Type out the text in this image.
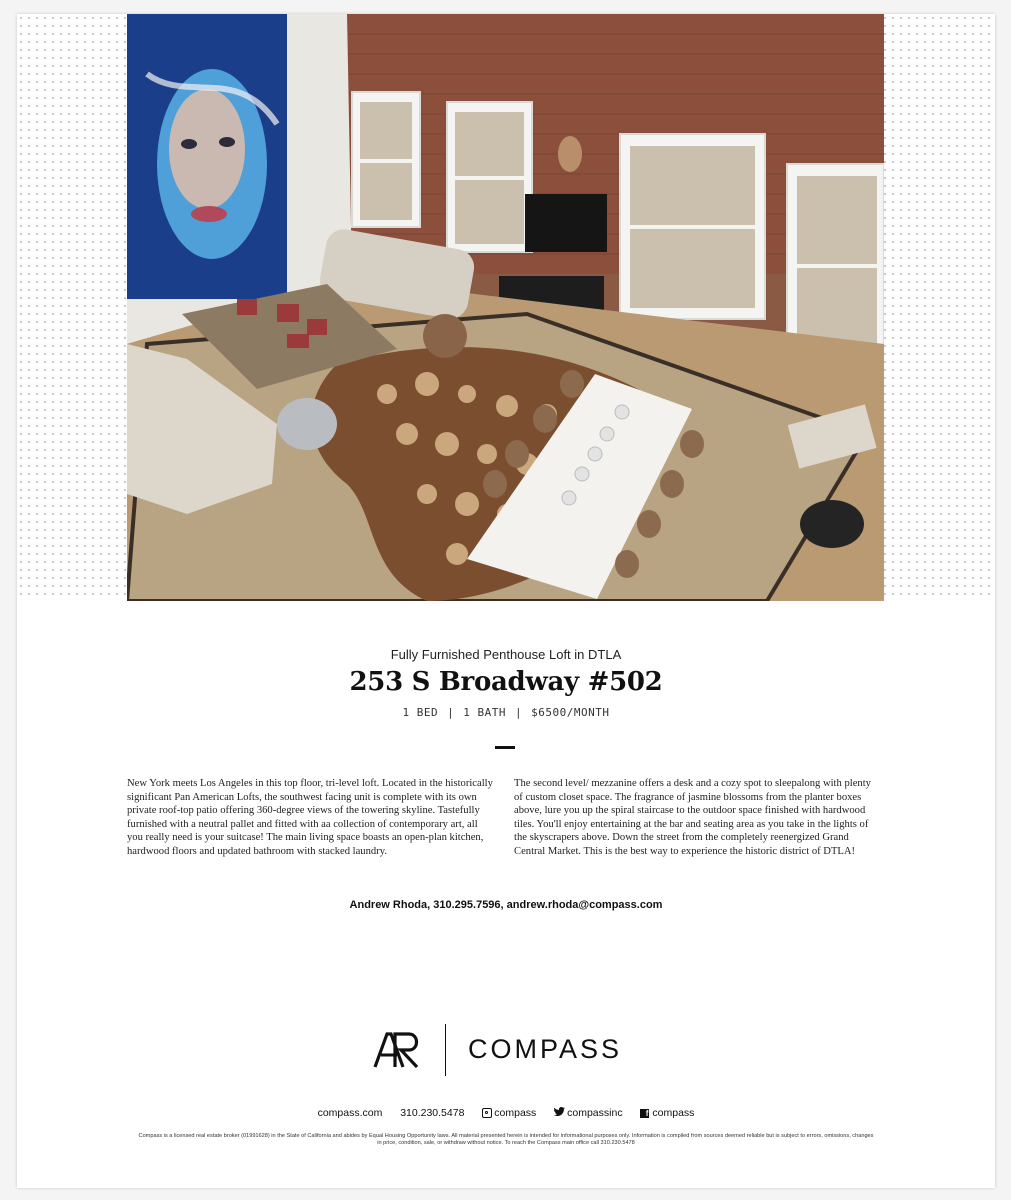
Fully Furnished Penthouse Loft in DTLA
253 S Broadway #502
1 BED | 1 BATH | $6500/MONTH
New York meets Los Angeles in this top floor, tri-level loft. Located in the historically significant Pan American Lofts, the southwest facing unit is complete with its own private roof-top patio offering 360-degree views of the towering skyline. Tastefully furnished with a neutral pallet and fitted with aa collection of contemporary art, all you really need is your suitcase! The main living space boasts an open-plan kitchen, hardwood floors and updated bathroom with stacked laundry.
The second level/ mezzanine offers a desk and a cozy spot to sleepalong with plenty of custom closet space. The fragrance of jasmine blossoms from the planter boxes above, lure you up the spiral staircase to the outdoor space finished with hardwood tiles. You'll enjoy entertaining at the bar and seating area as you take in the lights of the skyscrapers above. Down the street from the completely reenergized Grand Central Market. This is the best way to experience the historic district of DTLA!
Andrew Rhoda, 310.295.7596, andrew.rhoda@compass.com
COMPASS
compass.com 310.230.5478	compass	compassinc	f compass
Compass is a licensed real estate broker (01991628) in the State of California and abides by Equal Housing Opportunity laws. All material presented herein is intended for informational purposes only. Information is compiled from sources deemed reliable but is subject to errors, omissions, changes in price, condition, sale, or withdraw without notice. To reach the Compass main office call 310.230.5478
